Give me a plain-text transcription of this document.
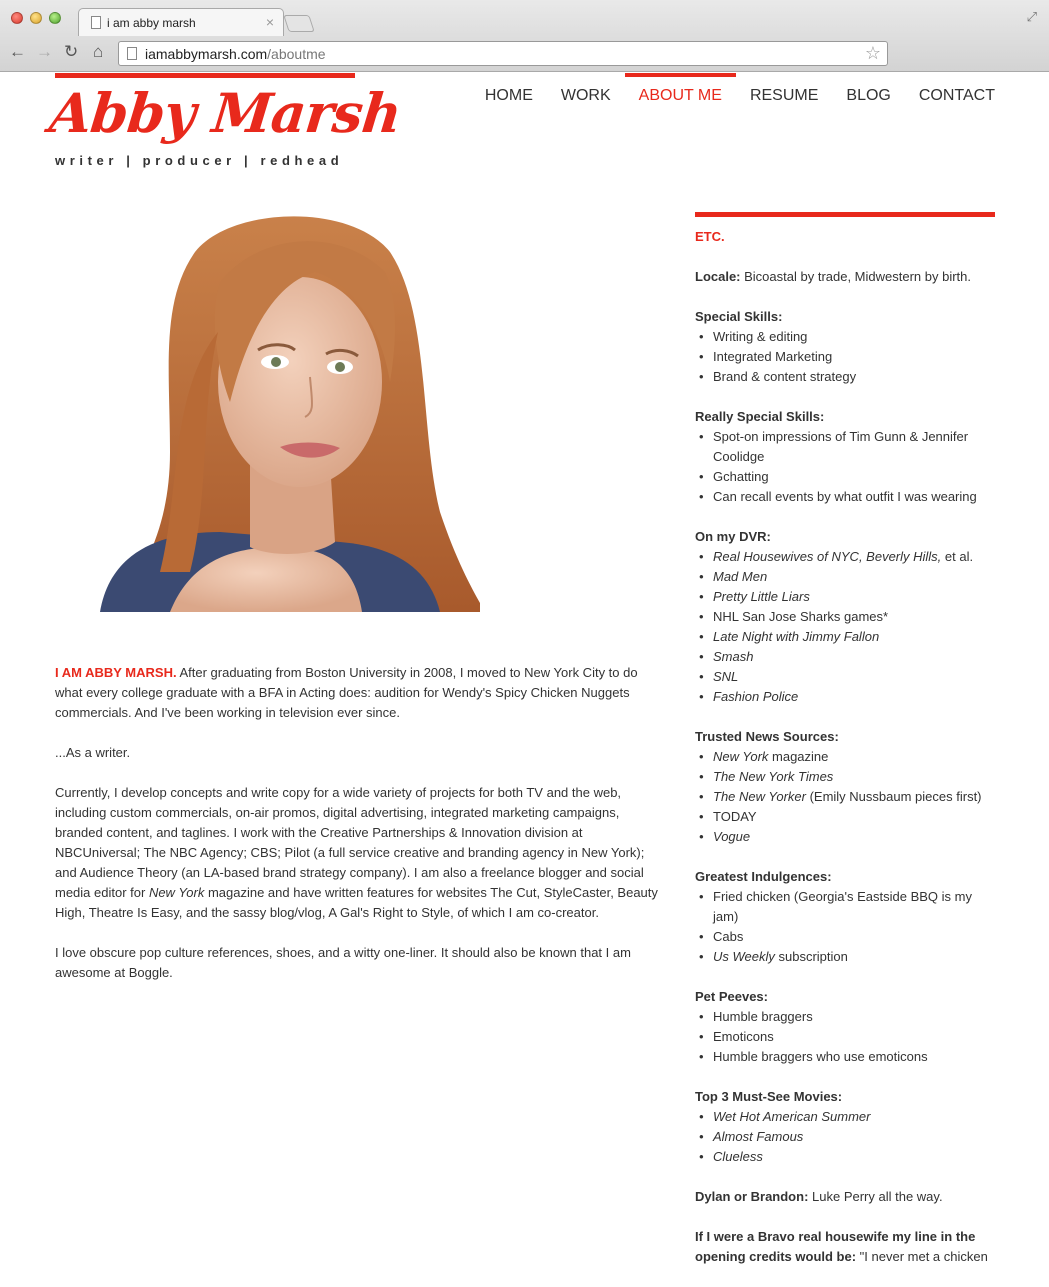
i am abby marsh	×	⤢
← → ↻ ⌂	iamabbymarsh.com/aboutme	☆
Abby Marsh
writer | producer | redhead
HOME	WORK	ABOUT ME	RESUME	BLOG	CONTACT

I AM ABBY MARSH. After graduating from Boston University in 2008, I moved to New York City to do what every college graduate with a BFA in Acting does: audition for Wendy's Spicy Chicken Nuggets commercials. And I've been working in television ever since.

...As a writer.

Currently, I develop concepts and write copy for a wide variety of projects for both TV and the web, including custom commercials, on-air promos, digital advertising, integrated marketing campaigns, branded content, and taglines. I work with the Creative Partnerships & Innovation division at NBCUniversal; The NBC Agency; CBS; Pilot (a full service creative and branding agency in New York); and Audience Theory (an LA-based brand strategy company). I am also a freelance blogger and social media editor for New York magazine and have written features for websites The Cut, StyleCaster, Beauty High, Theatre Is Easy, and the sassy blog/vlog, A Gal's Right to Style, of which I am co-creator.

I love obscure pop culture references, shoes, and a witty one-liner. It should also be known that I am awesome at Boggle.

ETC.
Locale: Bicoastal by trade, Midwestern by birth.
Special Skills:
• Writing & editing
• Integrated Marketing
• Brand & content strategy
Really Special Skills:
• Spot-on impressions of Tim Gunn & Jennifer Coolidge
• Gchatting
• Can recall events by what outfit I was wearing
On my DVR:
• Real Housewives of NYC, Beverly Hills, et al.
• Mad Men
• Pretty Little Liars
• NHL San Jose Sharks games*
• Late Night with Jimmy Fallon
• Smash
• SNL
• Fashion Police
Trusted News Sources:
• New York magazine
• The New York Times
• The New Yorker (Emily Nussbaum pieces first)
• TODAY
• Vogue
Greatest Indulgences:
• Fried chicken (Georgia's Eastside BBQ is my jam)
• Cabs
• Us Weekly subscription
Pet Peeves:
• Humble braggers
• Emoticons
• Humble braggers who use emoticons
Top 3 Must-See Movies:
• Wet Hot American Summer
• Almost Famous
• Clueless
Dylan or Brandon: Luke Perry all the way.
If I were a Bravo real housewife my line in the opening credits would be: "I never met a chicken
